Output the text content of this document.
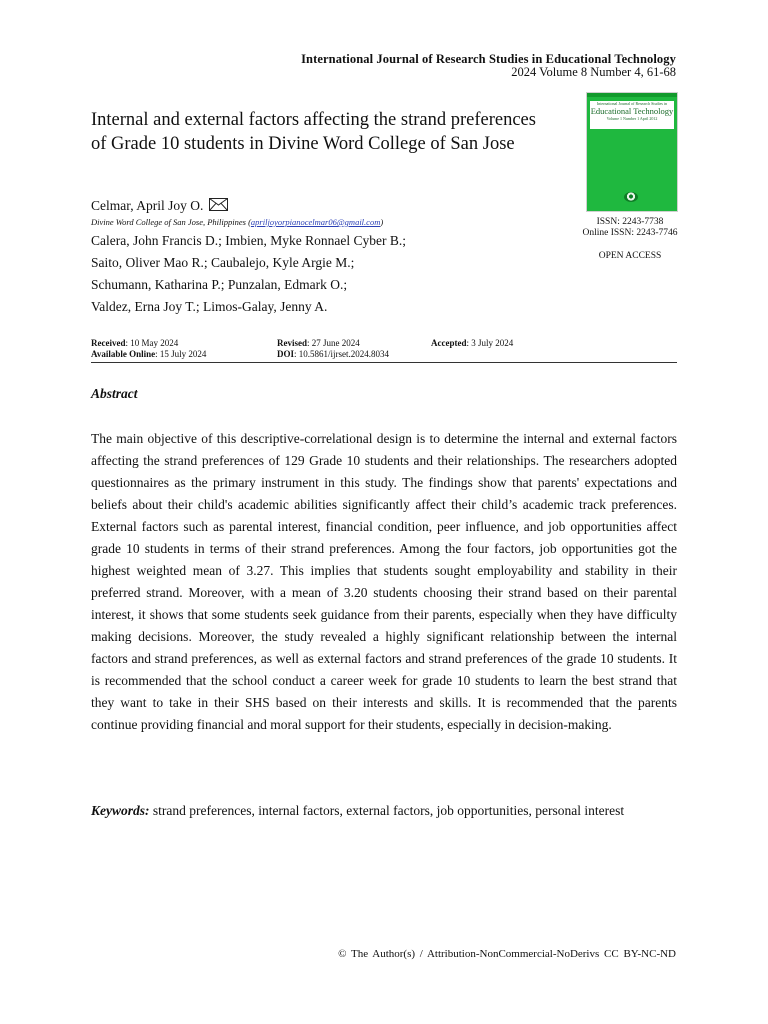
International Journal of Research Studies in Educational Technology
2024 Volume 8 Number 4, 61-68
Internal and external factors affecting the strand preferences of Grade 10 students in Divine Word College of San Jose
International Journal of Research Studies in
Educational Technology
Volume 1 Number 1 April 2012
ISSN: 2243-7738
Online ISSN: 2243-7746
OPEN ACCESS
Celmar, April Joy O.
Divine Word College of San Jose, Philippines (apriljoyorpianocelmar06@gmail.com)
Calera, John Francis D.; Imbien, Myke Ronnael Cyber B.;
Saito, Oliver Mao R.; Caubalejo, Kyle Argie M.;
Schumann, Katharina P.; Punzalan, Edmark O.;
Valdez, Erna Joy T.; Limos-Galay, Jenny A.
Received: 10 May 2024	Revised: 27 June 2024	Accepted: 3 July 2024
Available Online: 15 July 2024	DOI: 10.5861/ijrset.2024.8034
Abstract
The main objective of this descriptive-correlational design is to determine the internal and external factors affecting the strand preferences of 129 Grade 10 students and their relationships. The researchers adopted questionnaires as the primary instrument in this study. The findings show that parents' expectations and beliefs about their child's academic abilities significantly affect their child’s academic track preferences. External factors such as parental interest, financial condition, peer influence, and job opportunities affect grade 10 students in terms of their strand preferences. Among the four factors, job opportunities got the highest weighted mean of 3.27. This implies that students sought employability and stability in their preferred strand. Moreover, with a mean of 3.20 students choosing their strand based on their parental interest, it shows that some students seek guidance from their parents, especially when they have difficulty making decisions. Moreover, the study revealed a highly significant relationship between the internal factors and strand preferences, as well as external factors and strand preferences of the grade 10 students. It is recommended that the school conduct a career week for grade 10 students to learn the best strand that they want to take in their SHS based on their interests and skills. It is recommended that the parents continue providing financial and moral support for their students, especially in decision-making.
Keywords: strand preferences, internal factors, external factors, job opportunities, personal interest
© The Author(s) / Attribution-NonCommercial-NoDerivs CC BY-NC-ND
